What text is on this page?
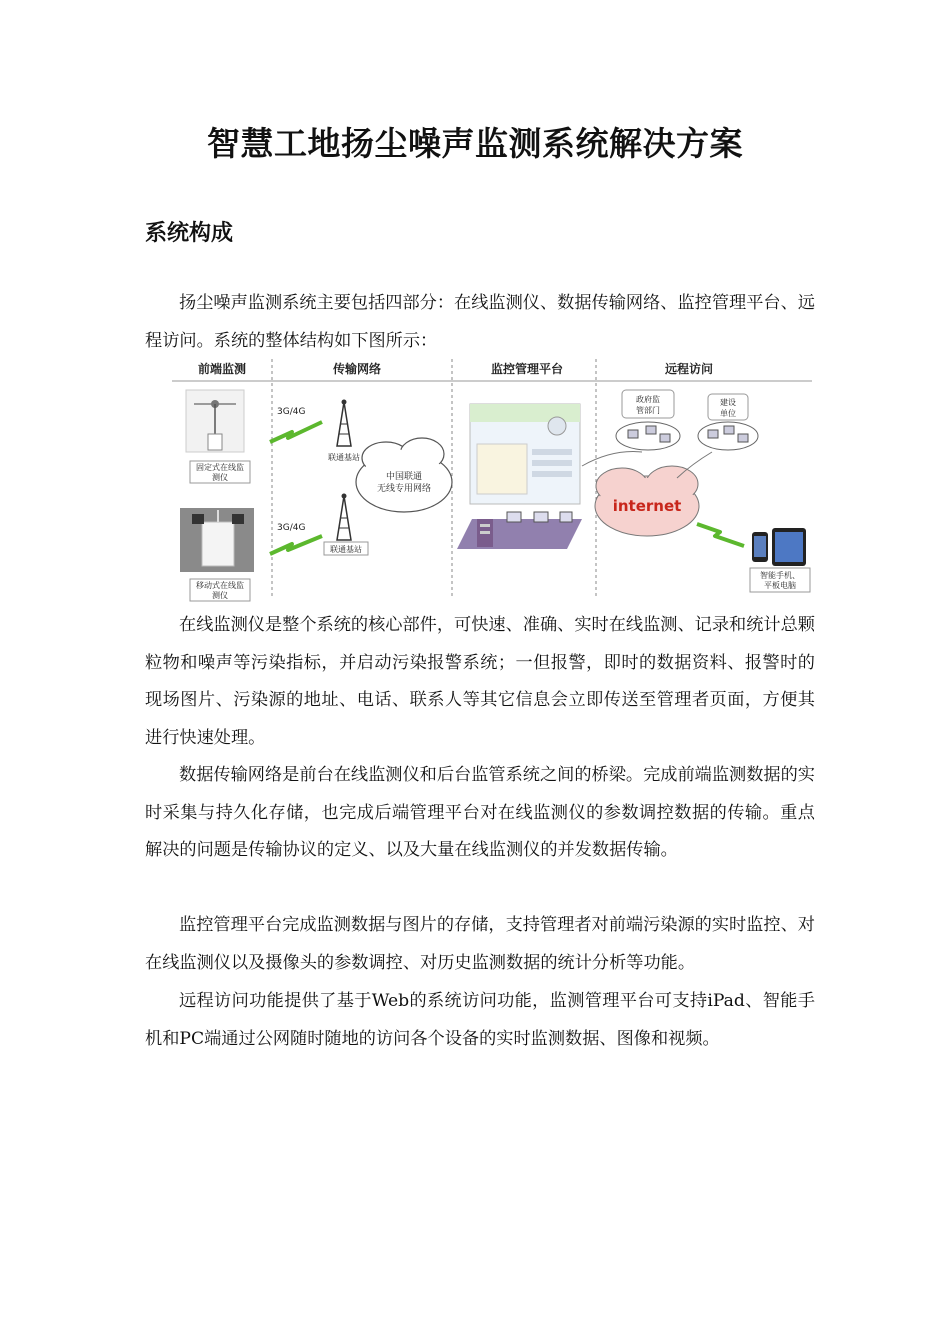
智慧工地扬尘噪声监测系统解决方案
系统构成

扬尘噪声监测系统主要包括四部分：在线监测仪、数据传输网络、监控管理平台、远程访问。系统的整体结构如下图所示：

前端监测	传输网络	监控管理平台	远程访问
固定式在线监
测仪
移动式在线监
测仪
3G/4G
3G/4G
联通基站
联通基站
中国联通
无线专用网络
政府监
管部门
建设
单位
internet
智能手机、
平板电脑

在线监测仪是整个系统的核心部件，可快速、准确、实时在线监测、记录和统计总颗粒物和噪声等污染指标，并启动污染报警系统；一但报警，即时的数据资料、报警时的现场图片、污染源的地址、电话、联系人等其它信息会立即传送至管理者页面，方便其进行快速处理。

数据传输网络是前台在线监测仪和后台监管系统之间的桥梁。完成前端监测数据的实时采集与持久化存储，也完成后端管理平台对在线监测仪的参数调控数据的传输。重点解决的问题是传输协议的定义、以及大量在线监测仪的并发数据传输。

监控管理平台完成监测数据与图片的存储，支持管理者对前端污染源的实时监控、对在线监测仪以及摄像头的参数调控、对历史监测数据的统计分析等功能。

远程访问功能提供了基于Web的系统访问功能，监测管理平台可支持iPad、智能手机和PC端通过公网随时随地的访问各个设备的实时监测数据、图像和视频。
